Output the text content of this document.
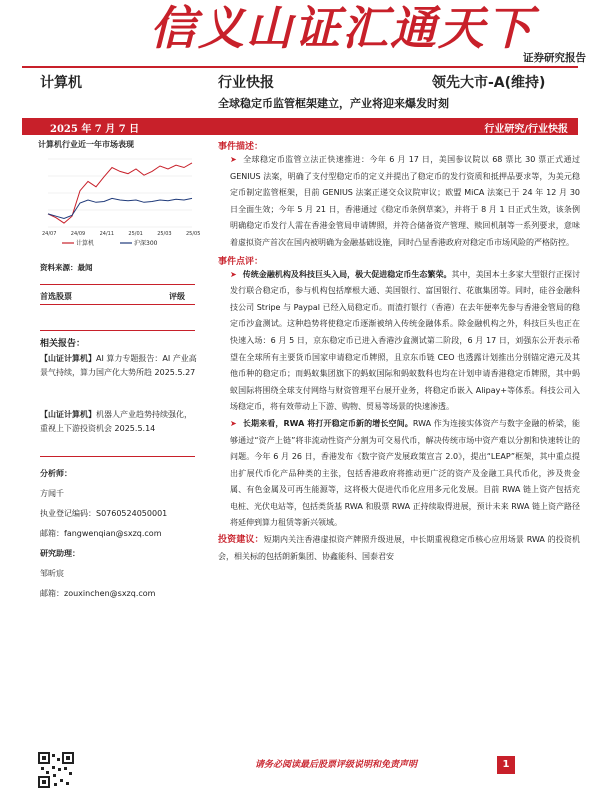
信义山证汇通天下
证券研究报告
计算机	行业快报	领先大市-A(维持)
全球稳定币监管框架建立，产业将迎来爆发时刻
2025 年 7 月 7 日	行业研究/行业快报
计算机行业近一年市场表现
24/07	24/09	24/11	25/01	25/03	25/05
计算机	沪深300
资料来源：最闻
首选股票	评级
相关报告：
【山证计算机】AI 算力专题报告：AI 产业高景气持续，算力国产化大势所趋 2025.5.27
【山证计算机】机器人产业趋势持续强化，重视上下游投资机会 2025.5.14
分析师：
方闻千
执业登记编码：S0760524050001
邮箱：fangwenqian@sxzq.com
研究助理：
邹昕宸
邮箱：zouxinchen@sxzq.com
事件描述：
➤ 全球稳定币监管立法正快速推进：今年 6 月 17 日，美国参议院以 68 票比 30 票正式通过 GENIUS 法案，明确了支付型稳定币的定义并提出了稳定币的发行资质和抵押品要求等，为美元稳定币制定监管框架，目前 GENIUS 法案正递交众议院审议；欧盟 MiCA 法案已于 24 年 12 月 30 日全面生效；今年 5 月 21 日，香港通过《稳定币条例草案》，并将于 8 月 1 日正式生效，该条例明确稳定币发行人需在香港金管局申请牌照，并符合储备资产管理、赎回机制等一系列要求，意味着虚拟资产首次在国内被明确为金融基础设施，同时凸显香港政府对稳定币市场风险的严格防控。
事件点评：
➤ 传统金融机构及科技巨头入局，极大促进稳定币生态繁荣。其中，美国本土多家大型银行正探讨发行联合稳定币，参与机构包括摩根大通、美国银行、富国银行、花旗集团等。同时，硅谷金融科技公司 Stripe 与 Paypal 已经入局稳定币。而渣打银行（香港）在去年便率先参与香港金管局的稳定币沙盒测试。这种趋势将使稳定币逐渐被纳入传统金融体系。除金融机构之外，科技巨头也正在快速入场：6 月 5 日，京东稳定币已进入香港沙盒测试第二阶段，6 月 17 日，刘强东公开表示希望在全球所有主要货币国家申请稳定币牌照，且京东币链 CEO 也透露计划推出分别锚定港元及其他币种的稳定币；而蚂蚁集团旗下的蚂蚁国际和蚂蚁数科也均在计划申请香港稳定币牌照，其中蚂蚁国际将围绕全球支付网络与财资管理平台展开业务，将稳定币嵌入 Alipay+等体系。科技公司入场稳定币，将有效带动上下游、购物、贸易等场景的快速渗透。
➤ 长期来看，RWA 将打开稳定币新的增长空间。RWA 作为连接实体资产与数字金融的桥梁，能够通过“资产上链”将非流动性资产分割为可交易代币，解决传统市场中资产难以分割和快速转让的问题。今年 6 月 26 日，香港发布《数字资产发展政策宣言 2.0》，提出“LEAP”框架，其中重点提出扩展代币化产品种类的主张，包括香港政府将推动更广泛的资产及金融工具代币化，涉及贵金属、有色金属及可再生能源等，这将极大促进代币化应用多元化发展。目前 RWA 链上资产包括充电桩、光伏电站等，包括类货基 RWA 和股票 RWA 正持续取得进展，预计未来 RWA 链上资产路径将延伸到算力租赁等新兴领域。
投资建议：短期内关注香港虚拟资产牌照升级进展，中长期重视稳定币核心应用场景 RWA 的投资机会，相关标的包括朗新集团、协鑫能科、国泰君安
请务必阅读最后股票评级说明和免责声明	1
